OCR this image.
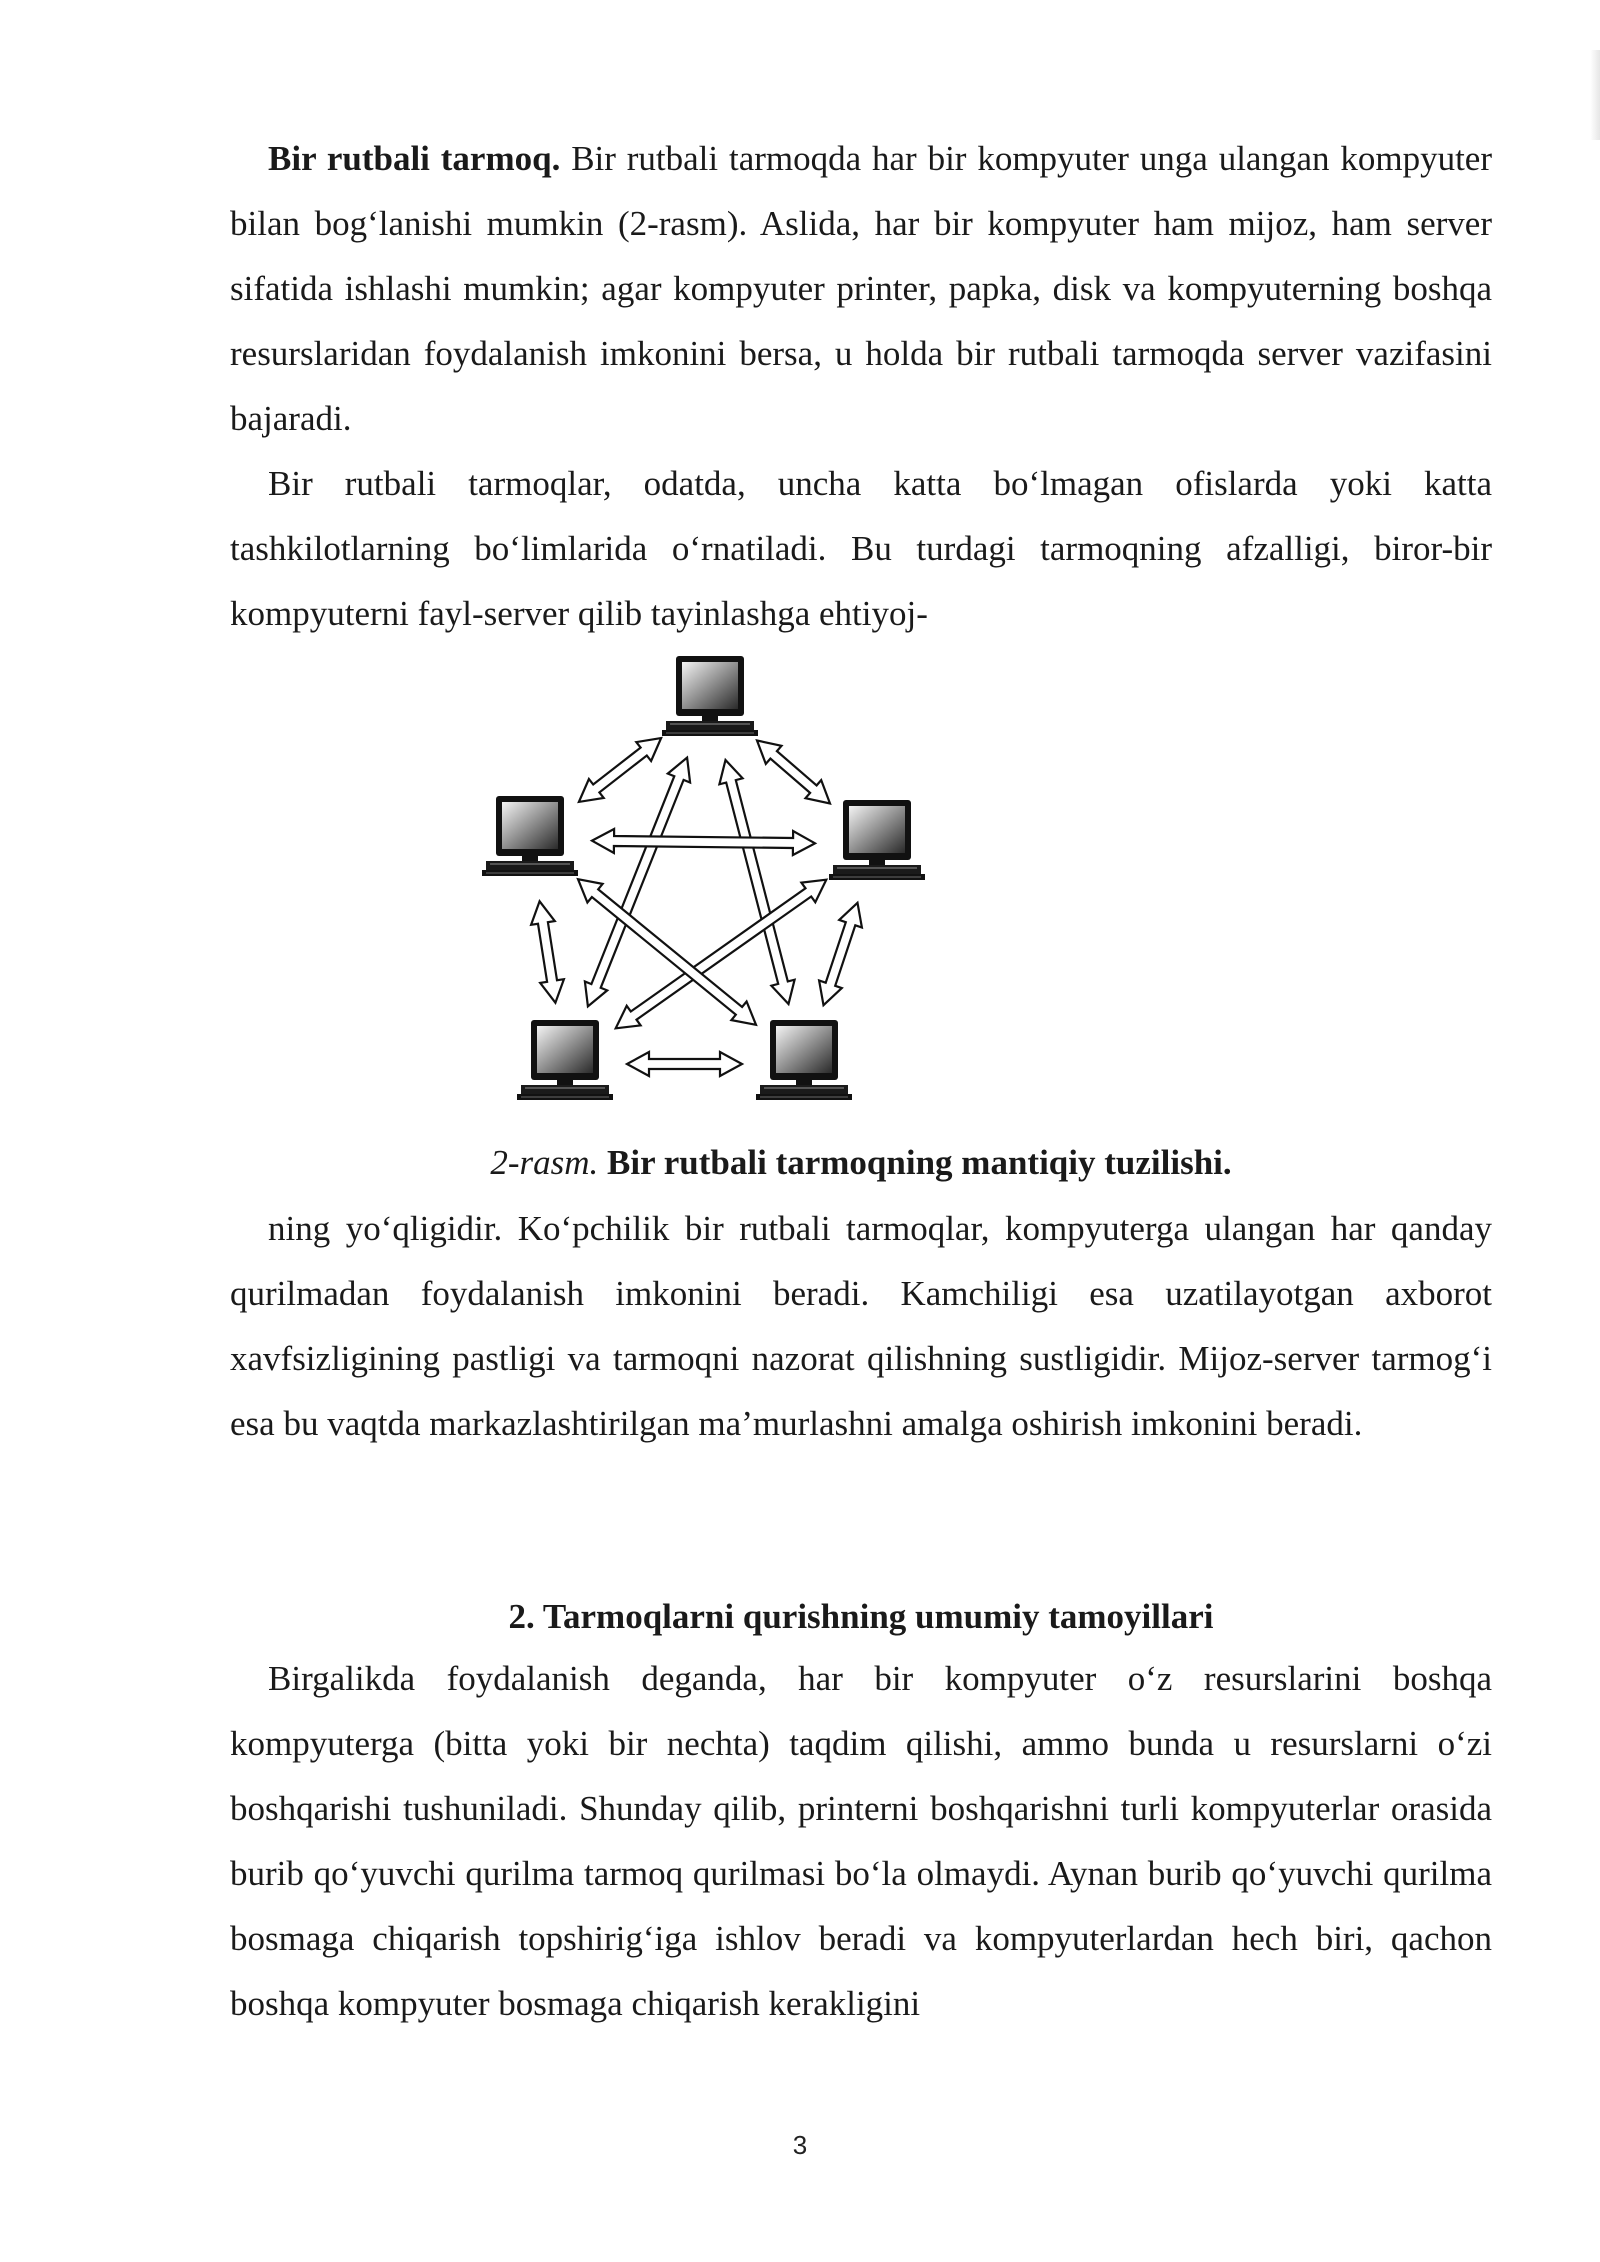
Bir rutbali tarmoq. Bir rutbali tarmoqda har bir kompyuter unga ulangan kompyuter bilan bog‘lanishi mumkin (2-rasm). Aslida, har bir kompyuter ham mijoz, ham server sifatida ishlashi mumkin; agar kompyuter printer, papka, disk va kompyuterning boshqa resurslaridan foydalanish imkonini bersa, u holda bir rutbali tarmoqda server vazifasini bajaradi.

Bir rutbali tarmoqlar, odatda, uncha katta bo‘lmagan ofislarda yoki katta tashkilotlarning bo‘limlarida o‘rnatiladi. Bu turdagi tarmoqning afzalligi, biror-bir kompyuterni fayl-server qilib tayinlashga ehtiyoj-

2-rasm. Bir rutbali tarmoqning mantiqiy tuzilishi.

ning yo‘qligidir. Ko‘pchilik bir rutbali tarmoqlar, kompyuterga ulangan har qanday qurilmadan foydalanish imkonini beradi. Kamchiligi esa uzatilayotgan axborot xavfsizligining pastligi va tarmoqni nazorat qilishning sustligidir. Mijoz-server tarmog‘i esa bu vaqtda markazlashtirilgan ma’murlashni amalga oshirish imkonini beradi.

2. Tarmoqlarni qurishning umumiy tamoyillari

Birgalikda foydalanish deganda, har bir kompyuter o‘z resurslarini boshqa kompyuterga (bitta yoki bir nechta) taqdim qilishi, ammo bunda u resurslarni o‘zi boshqarishi tushuniladi. Shunday qilib, printerni boshqarishni turli kompyuterlar orasida burib qo‘yuvchi qurilma tarmoq qurilmasi bo‘la olmaydi. Aynan burib qo‘yuvchi qurilma bosmaga chiqarish topshirig‘iga ishlov beradi va kompyuterlardan hech biri, qachon boshqa kompyuter bosmaga chiqarish kerakligini

3
